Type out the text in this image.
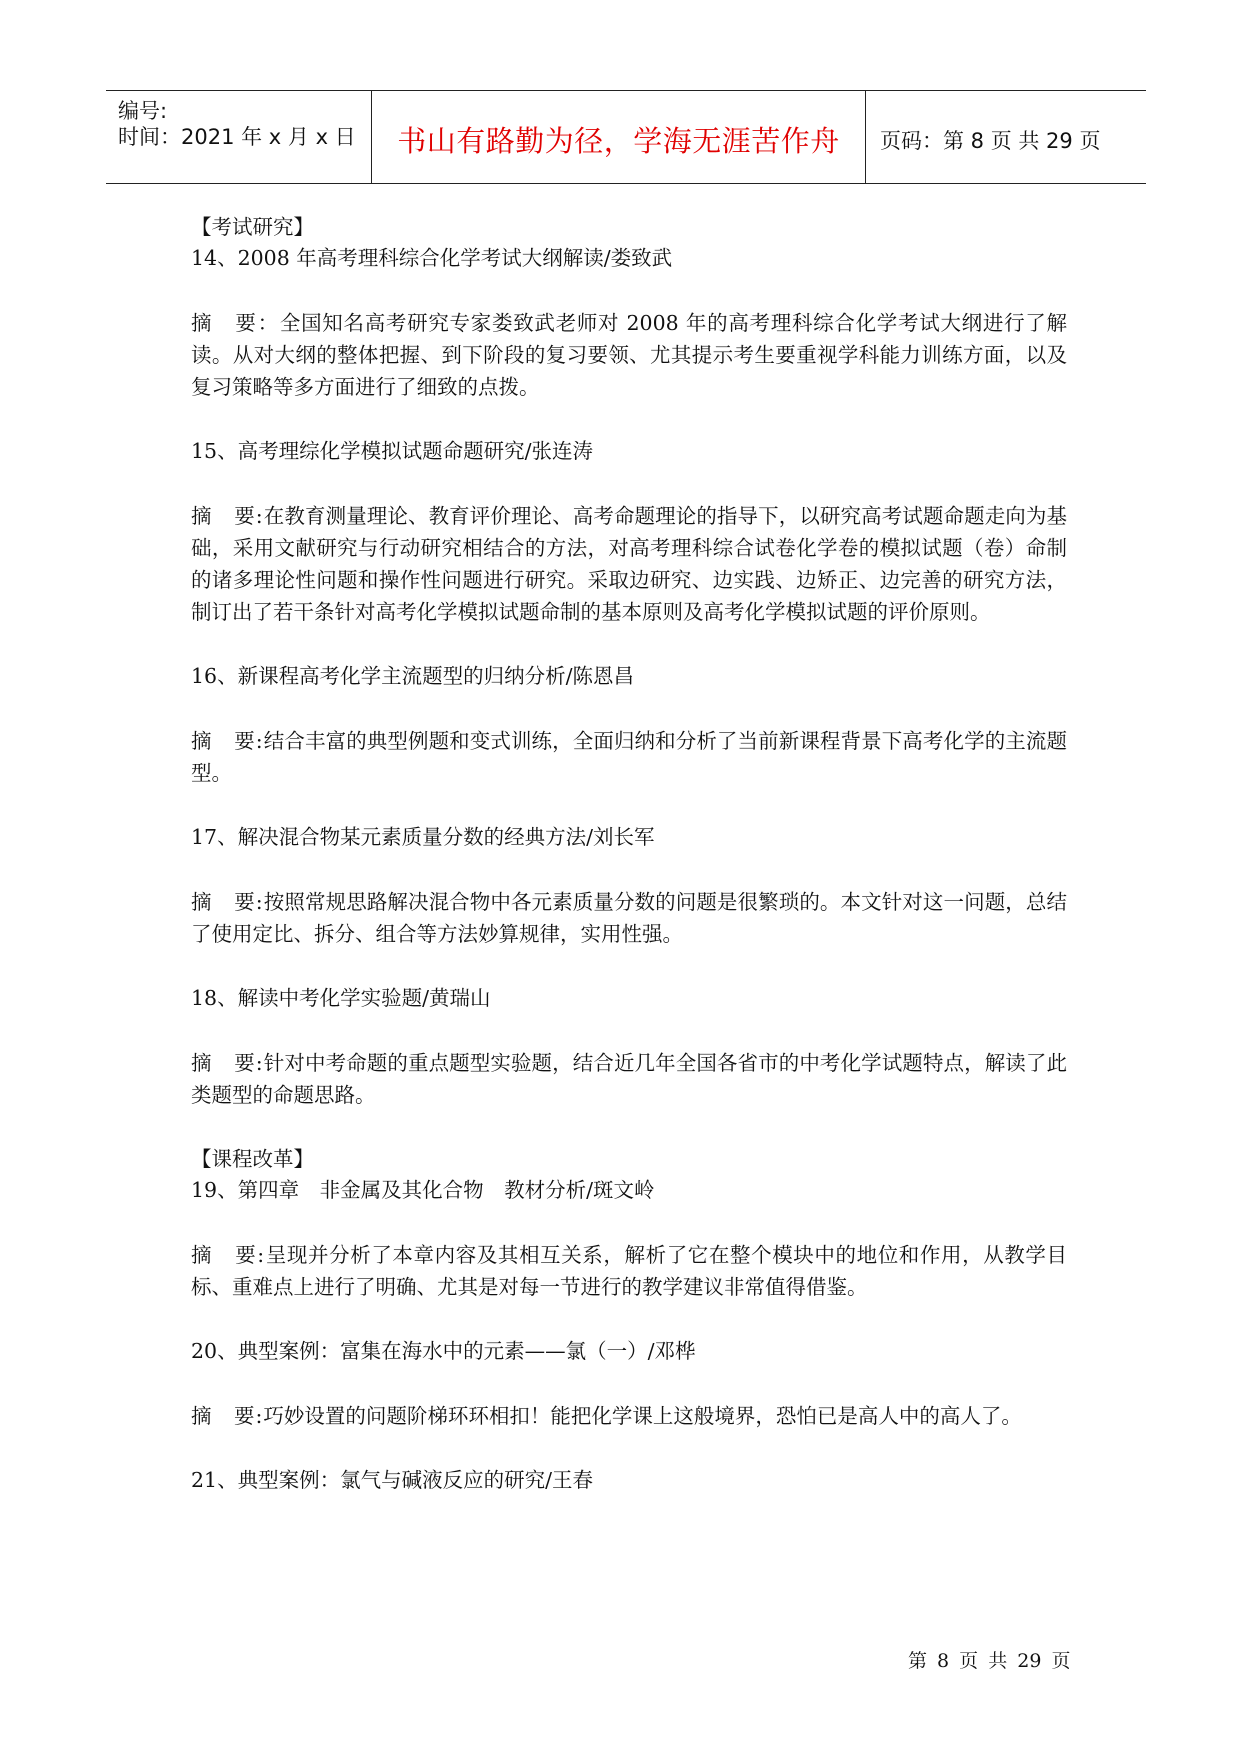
编号:
时间：2021 年 x 月 x 日	书山有路勤为径，学海无涯苦作舟	页码：第 8 页 共 29 页
【考试研究】
14、2008 年高考理科综合化学考试大纲解读/娄致武
摘　要：全国知名高考研究专家娄致武老师对 2008 年的高考理科综合化学考试大纲进行了解读。从对大纲的整体把握、到下阶段的复习要领、尤其提示考生要重视学科能力训练方面，以及复习策略等多方面进行了细致的点拨。
15、高考理综化学模拟试题命题研究/张连涛
摘　要:在教育测量理论、教育评价理论、高考命题理论的指导下，以研究高考试题命题走向为基础，采用文献研究与行动研究相结合的方法，对高考理科综合试卷化学卷的模拟试题（卷）命制的诸多理论性问题和操作性问题进行研究。采取边研究、边实践、边矫正、边完善的研究方法，制订出了若干条针对高考化学模拟试题命制的基本原则及高考化学模拟试题的评价原则。
16、新课程高考化学主流题型的归纳分析/陈恩昌
摘　要:结合丰富的典型例题和变式训练，全面归纳和分析了当前新课程背景下高考化学的主流题型。
17、解决混合物某元素质量分数的经典方法/刘长军
摘　要:按照常规思路解决混合物中各元素质量分数的问题是很繁琐的。本文针对这一问题，总结了使用定比、拆分、组合等方法妙算规律，实用性强。
18、解读中考化学实验题/黄瑞山
摘　要:针对中考命题的重点题型实验题，结合近几年全国各省市的中考化学试题特点，解读了此类题型的命题思路。
【课程改革】
19、第四章　非金属及其化合物　教材分析/斑文岭
摘　要:呈现并分析了本章内容及其相互关系，解析了它在整个模块中的地位和作用，从教学目标、重难点上进行了明确、尤其是对每一节进行的教学建议非常值得借鉴。
20、典型案例：富集在海水中的元素——氯（一）/邓桦
摘　要:巧妙设置的问题阶梯环环相扣！能把化学课上这般境界，恐怕已是高人中的高人了。
21、典型案例：氯气与碱液反应的研究/王春
第 8 页 共 29 页
